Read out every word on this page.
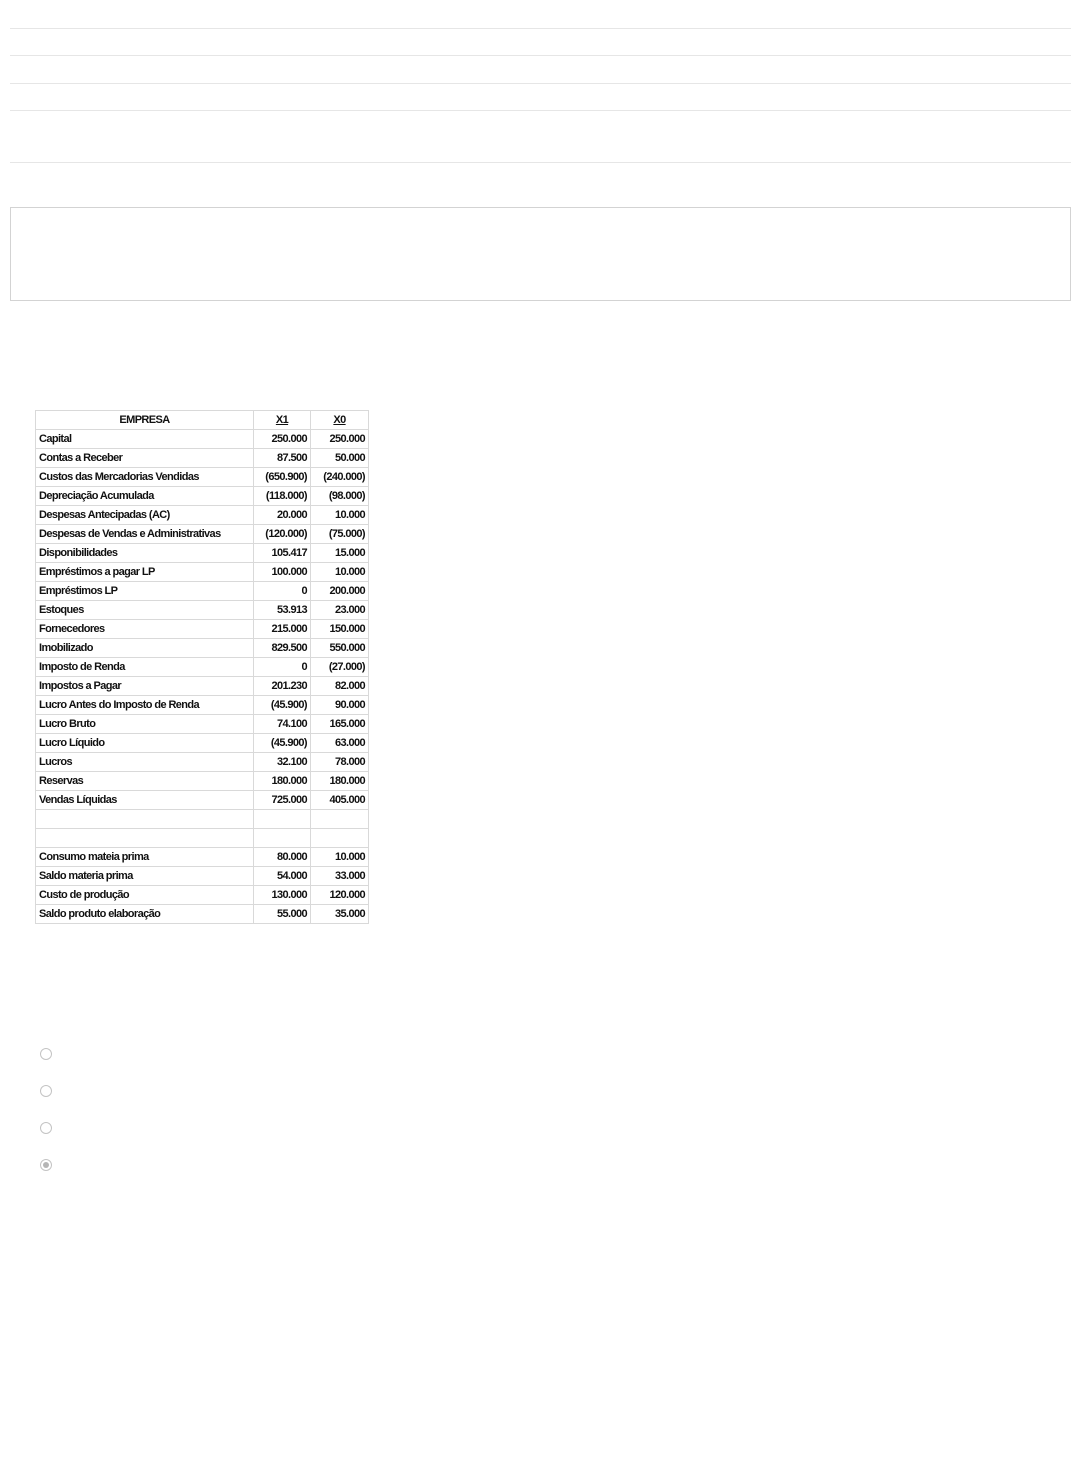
EMPRESA	X1	X0
Capital	250.000	250.000
Contas a Receber	87.500	50.000
Custos das Mercadorias Vendidas	(650.900)	(240.000)
Depreciação Acumulada	(118.000)	(98.000)
Despesas Antecipadas (AC)	20.000	10.000
Despesas de Vendas e Administrativas	(120.000)	(75.000)
Disponibilidades	105.417	15.000
Empréstimos a pagar LP	100.000	10.000
Empréstimos LP	0	200.000
Estoques	53.913	23.000
Fornecedores	215.000	150.000
Imobilizado	829.500	550.000
Imposto de Renda	0	(27.000)
Impostos a Pagar	201.230	82.000
Lucro Antes do Imposto de Renda	(45.900)	90.000
Lucro Bruto	74.100	165.000
Lucro Líquido	(45.900)	63.000
Lucros	32.100	78.000
Reservas	180.000	180.000
Vendas Líquidas	725.000	405.000

Consumo mateia prima	80.000	10.000
Saldo materia prima	54.000	33.000
Custo de produção	130.000	120.000
Saldo produto elaboração	55.000	35.000
